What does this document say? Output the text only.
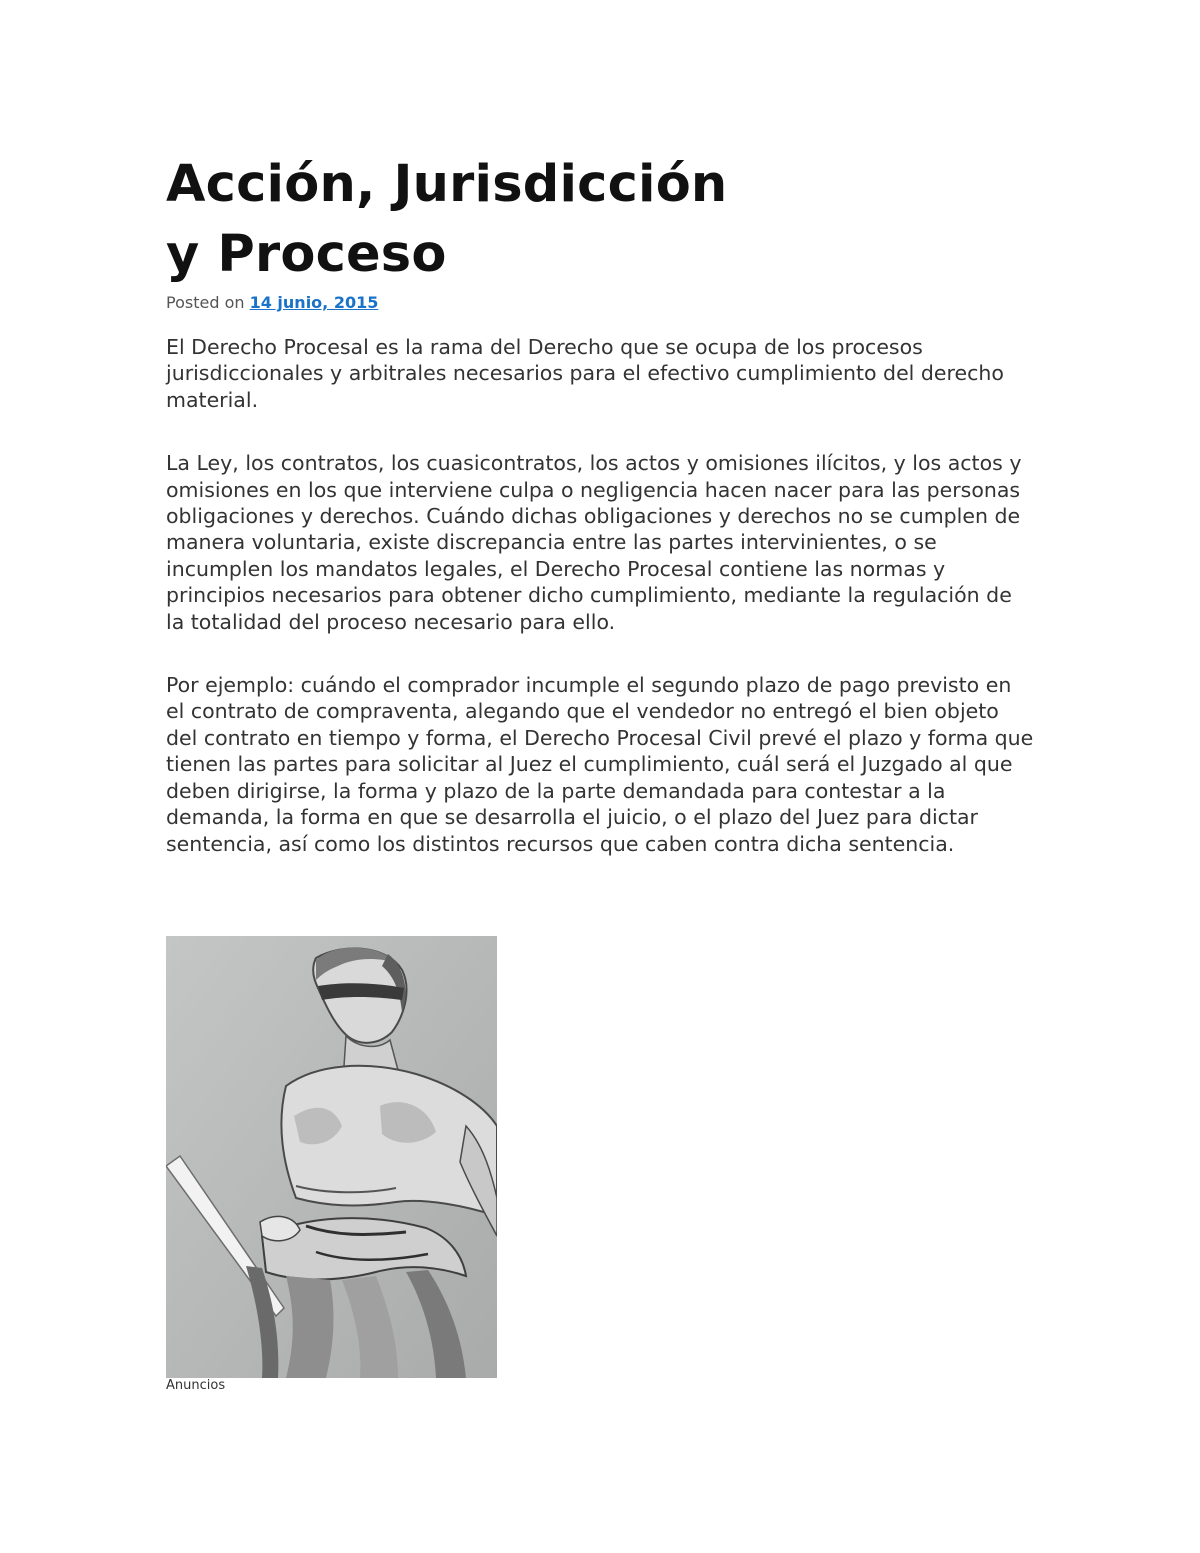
Acción, Jurisdicción
y Proceso
Posted on 14 junio, 2015

El Derecho Procesal es la rama del Derecho que se ocupa de los procesos jurisdiccionales y arbitrales necesarios para el efectivo cumplimiento del derecho material.

La Ley, los contratos, los cuasicontratos, los actos y omisiones ilícitos, y los actos y omisiones en los que interviene culpa o negligencia hacen nacer para las personas obligaciones y derechos. Cuándo dichas obligaciones y derechos no se cumplen de manera voluntaria, existe discrepancia entre las partes intervinientes, o se incumplen los mandatos legales, el Derecho Procesal contiene las normas y principios necesarios para obtener dicho cumplimiento, mediante la regulación de la totalidad del proceso necesario para ello.

Por ejemplo: cuándo el comprador incumple el segundo plazo de pago previsto en el contrato de compraventa, alegando que el vendedor no entregó el bien objeto del contrato en tiempo y forma, el Derecho Procesal Civil prevé el plazo y forma que tienen las partes para solicitar al Juez el cumplimiento, cuál será el Juzgado al que deben dirigirse, la forma y plazo de la parte demandada para contestar a la demanda, la forma en que se desarrolla el juicio, o el plazo del Juez para dictar sentencia, así como los distintos recursos que caben contra dicha sentencia.

Anuncios
